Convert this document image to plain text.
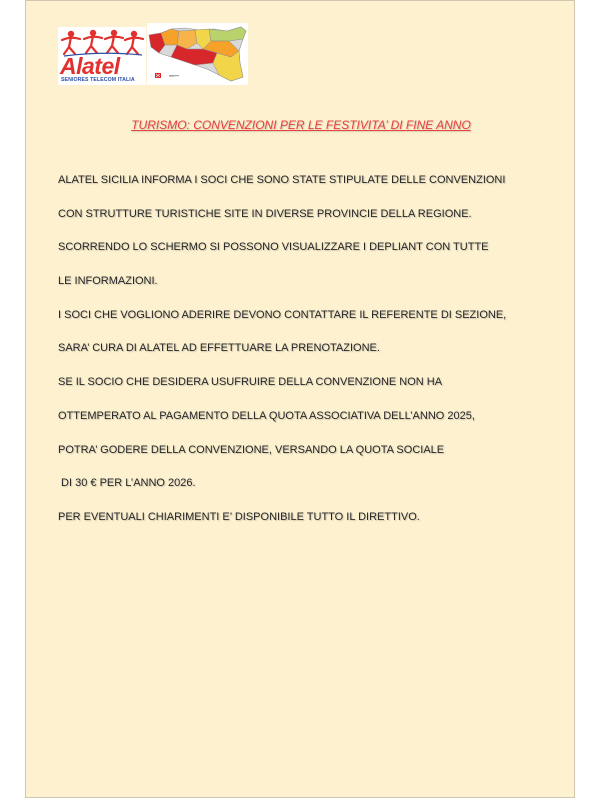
Alatel
SENIORES TELECOM ITALIA	Sicilia
TURISMO: CONVENZIONI PER LE FESTIVITA’ DI FINE ANNO
ALATEL SICILIA INFORMA I SOCI CHE SONO STATE STIPULATE DELLE CONVENZIONI
CON STRUTTURE TURISTICHE SITE IN DIVERSE PROVINCIE DELLA REGIONE.
SCORRENDO LO SCHERMO SI POSSONO VISUALIZZARE I DEPLIANT CON TUTTE
LE INFORMAZIONI.
I SOCI CHE VOGLIONO ADERIRE DEVONO CONTATTARE IL REFERENTE DI SEZIONE,
SARA’ CURA DI ALATEL AD EFFETTUARE LA PRENOTAZIONE.
SE IL SOCIO CHE DESIDERA USUFRUIRE DELLA CONVENZIONE NON HA
OTTEMPERATO AL PAGAMENTO DELLA QUOTA ASSOCIATIVA DELL’ANNO 2025,
POTRA’ GODERE DELLA CONVENZIONE, VERSANDO LA QUOTA SOCIALE
DI 30 € PER L’ANNO 2026.
PER EVENTUALI CHIARIMENTI E’ DISPONIBILE TUTTO IL DIRETTIVO.
